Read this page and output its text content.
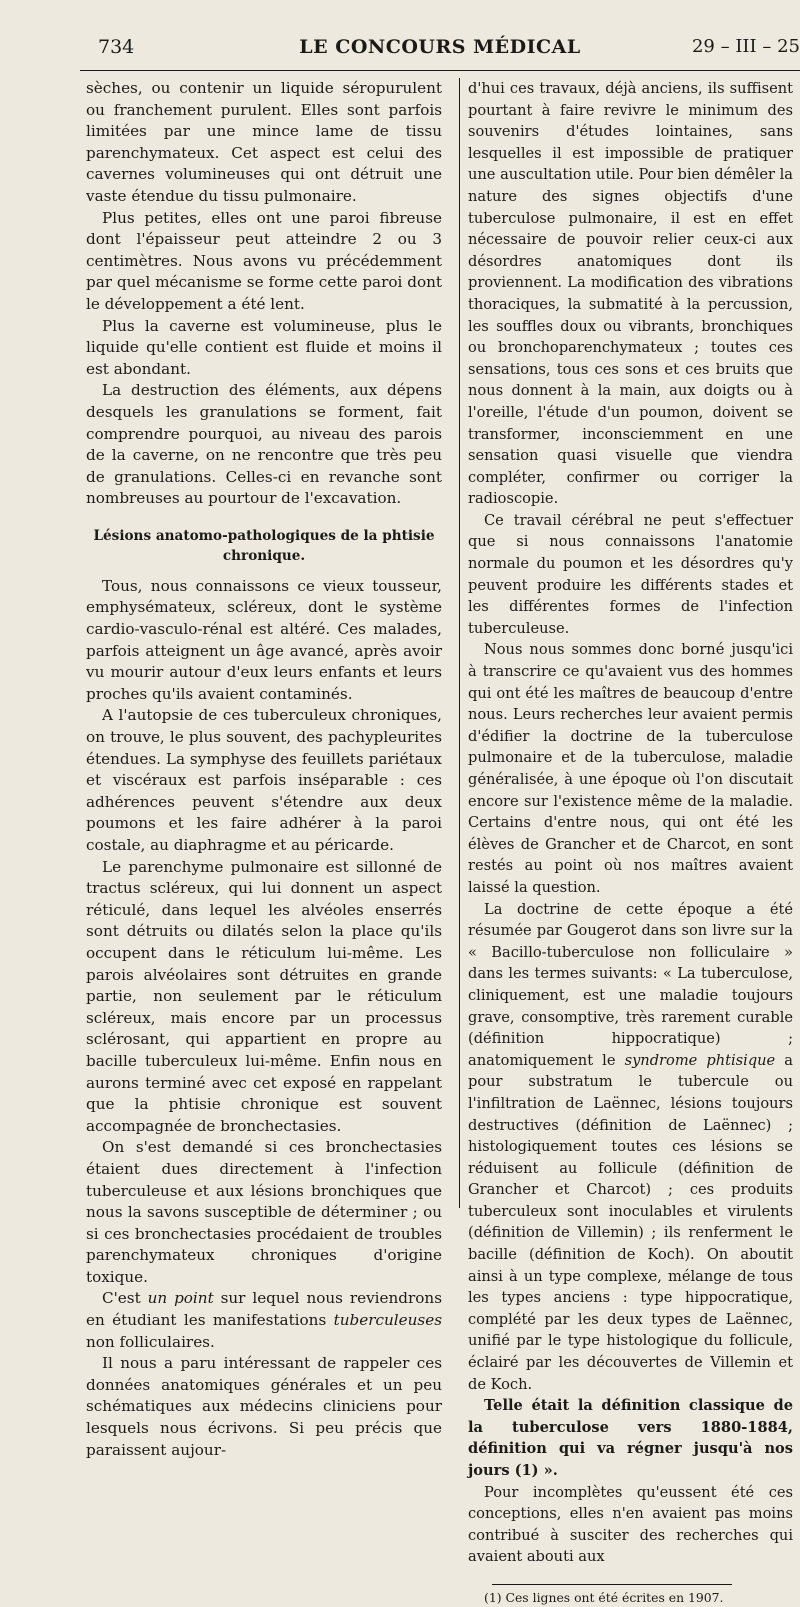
734	LE CONCOURS MÉDICAL	29 – III – 25

sèches, ou contenir un liquide séropurulent ou franchement purulent. Elles sont parfois limitées par une mince lame de tissu parenchymateux. Cet aspect est celui des cavernes volumineuses qui ont détruit une vaste étendue du tissu pulmonaire.

Plus petites, elles ont une paroi fibreuse dont l'épaisseur peut atteindre 2 ou 3 centimètres. Nous avons vu précédemment par quel mécanisme se forme cette paroi dont le développement a été lent.

Plus la caverne est volumineuse, plus le liquide qu'elle contient est fluide et moins il est abondant.

La destruction des éléments, aux dépens desquels les granulations se forment, fait comprendre pourquoi, au niveau des parois de la caverne, on ne rencontre que très peu de granulations. Celles-ci en revanche sont nombreuses au pourtour de l'excavation.

Lésions anatomo-pathologiques de la phtisie
chronique.

Tous, nous connaissons ce vieux tousseur, emphysémateux, scléreux, dont le système cardio-vasculo-rénal est altéré. Ces malades, parfois atteignent un âge avancé, après avoir vu mourir autour d'eux leurs enfants et leurs proches qu'ils avaient contaminés.

A l'autopsie de ces tuberculeux chroniques, on trouve, le plus souvent, des pachypleurites étendues. La symphyse des feuillets pariétaux et viscéraux est parfois inséparable : ces adhérences peuvent s'étendre aux deux poumons et les faire adhérer à la paroi costale, au diaphragme et au péricarde.

Le parenchyme pulmonaire est sillonné de tractus scléreux, qui lui donnent un aspect réticulé, dans lequel les alvéoles enserrés sont détruits ou dilatés selon la place qu'ils occupent dans le réticulum lui-même. Les parois alvéolaires sont détruites en grande partie, non seulement par le réticulum scléreux, mais encore par un processus sclérosant, qui appartient en propre au bacille tuberculeux lui-même. Enfin nous en aurons terminé avec cet exposé en rappelant que la phtisie chronique est souvent accompagnée de bronchectasies.

On s'est demandé si ces bronchectasies étaient dues directement à l'infection tuberculeuse et aux lésions bronchiques que nous la savons susceptible de déterminer ; ou si ces bronchectasies procédaient de troubles parenchymateux chroniques d'origine toxique.

C'est un point sur lequel nous reviendrons en étudiant les manifestations tuberculeuses non folliculaires.

Il nous a paru intéressant de rappeler ces données anatomiques générales et un peu schématiques aux médecins cliniciens pour lesquels nous écrivons. Si peu précis que paraissent aujour-

d'hui ces travaux, déjà anciens, ils suffisent pourtant à faire revivre le minimum des souvenirs d'études lointaines, sans lesquelles il est impossible de pratiquer une auscultation utile. Pour bien démêler la nature des signes objectifs d'une tuberculose pulmonaire, il est en effet nécessaire de pouvoir relier ceux-ci aux désordres anatomiques dont ils proviennent. La modification des vibrations thoraciques, la submatité à la percussion, les souffles doux ou vibrants, bronchiques ou bronchoparenchymateux ; toutes ces sensations, tous ces sons et ces bruits que nous donnent à la main, aux doigts ou à l'oreille, l'étude d'un poumon, doivent se transformer, inconsciemment en une sensation quasi visuelle que viendra compléter, confirmer ou corriger la radioscopie.

Ce travail cérébral ne peut s'effectuer que si nous connaissons l'anatomie normale du poumon et les désordres qu'y peuvent produire les différents stades et les différentes formes de l'infection tuberculeuse.

Nous nous sommes donc borné jusqu'ici à transcrire ce qu'avaient vus des hommes qui ont été les maîtres de beaucoup d'entre nous. Leurs recherches leur avaient permis d'édifier la doctrine de la tuberculose pulmonaire et de la tuberculose, maladie généralisée, à une époque où l'on discutait encore sur l'existence même de la maladie. Certains d'entre nous, qui ont été les élèves de Grancher et de Charcot, en sont restés au point où nos maîtres avaient laissé la question.

La doctrine de cette époque a été résumée par Gougerot dans son livre sur la « Bacillo-tuberculose non folliculaire » dans les termes suivants: « La tuberculose, cliniquement, est une maladie toujours grave, consomptive, très rarement curable (définition hippocratique) ; anatomiquement le syndrome phtisique a pour substratum le tubercule ou l'infiltration de Laënnec, lésions toujours destructives (définition de Laënnec) ; histologiquement toutes ces lésions se réduisent au follicule (définition de Grancher et Charcot) ; ces produits tuberculeux sont inoculables et virulents (définition de Villemin) ; ils renferment le bacille (définition de Koch). On aboutit ainsi à un type complexe, mélange de tous les types anciens : type hippocratique, complété par les deux types de Laënnec, unifié par le type histologique du follicule, éclairé par les découvertes de Villemin et de Koch.

Telle était la définition classique de la tuberculose vers 1880-1884, définition qui va régner jusqu'à nos jours (1) ».

Pour incomplètes qu'eussent été ces conceptions, elles n'en avaient pas moins contribué à susciter des recherches qui avaient abouti aux

(1) Ces lignes ont été écrites en 1907.
